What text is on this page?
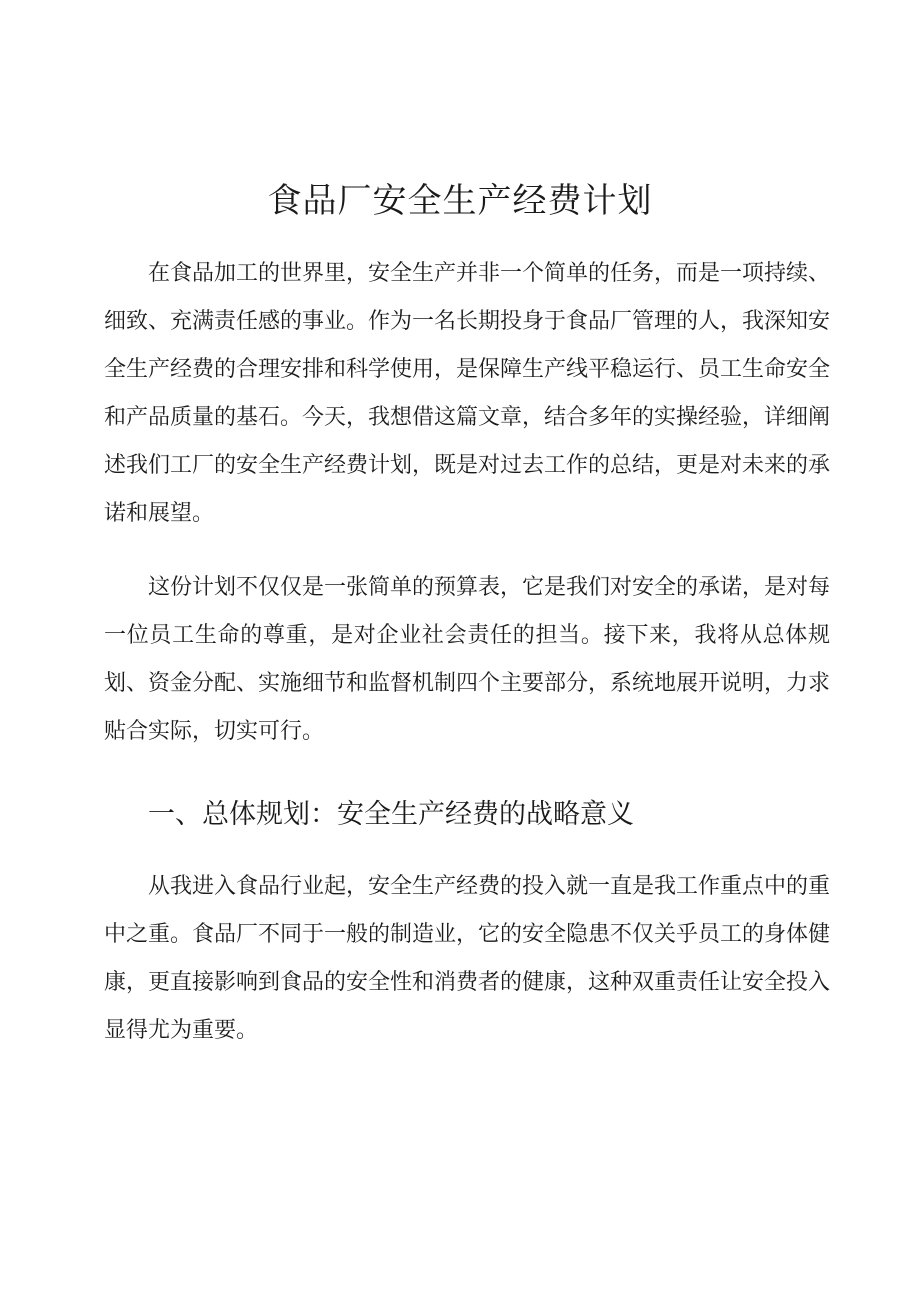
食品厂安全生产经费计划

在食品加工的世界里，安全生产并非一个简单的任务，而是一项持续、细致、充满责任感的事业。作为一名长期投身于食品厂管理的人，我深知安全生产经费的合理安排和科学使用，是保障生产线平稳运行、员工生命安全和产品质量的基石。今天，我想借这篇文章，结合多年的实操经验，详细阐述我们工厂的安全生产经费计划，既是对过去工作的总结，更是对未来的承诺和展望。

这份计划不仅仅是一张简单的预算表，它是我们对安全的承诺，是对每一位员工生命的尊重，是对企业社会责任的担当。接下来，我将从总体规划、资金分配、实施细节和监督机制四个主要部分，系统地展开说明，力求贴合实际，切实可行。

一、总体规划：安全生产经费的战略意义

从我进入食品行业起，安全生产经费的投入就一直是我工作重点中的重中之重。食品厂不同于一般的制造业，它的安全隐患不仅关乎员工的身体健康，更直接影响到食品的安全性和消费者的健康，这种双重责任让安全投入显得尤为重要。
